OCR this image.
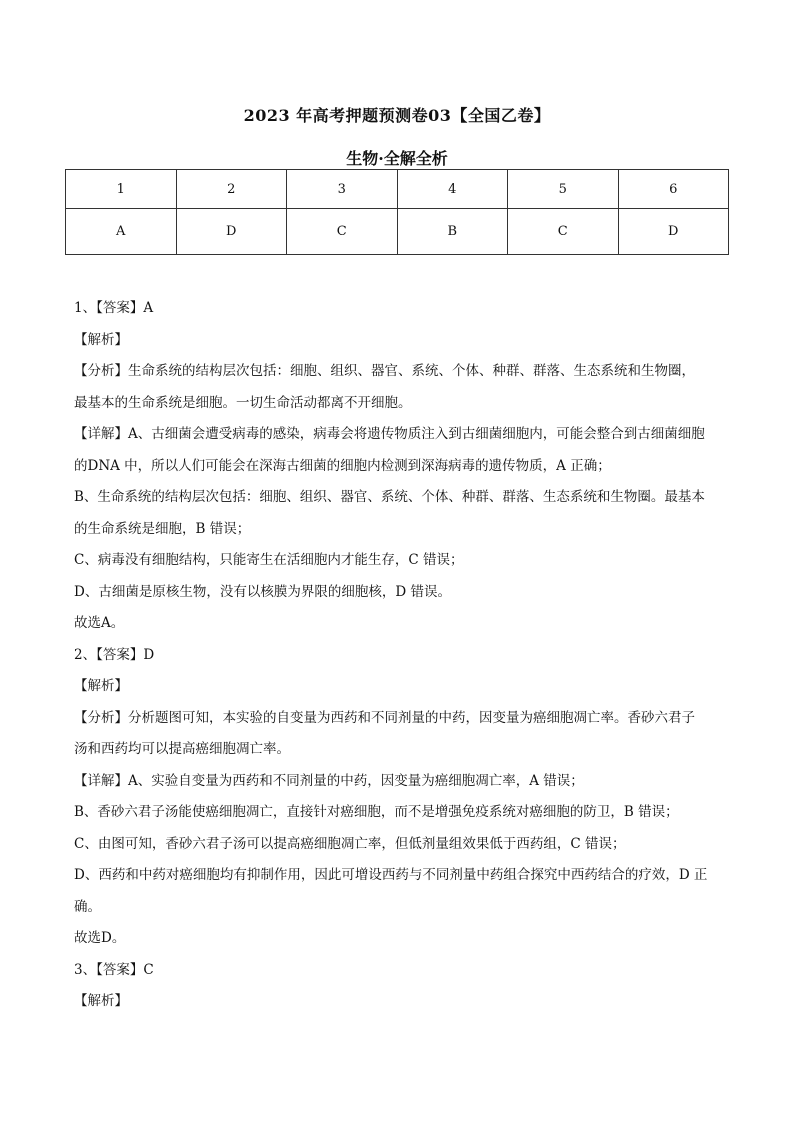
2023 年高考押题预测卷03【全国乙卷】
生物·全解全析
1	2	3	4	5	6
A	D	C	B	C	D

1、【答案】A

【解析】

【分析】生命系统的结构层次包括：细胞、组织、器官、系统、个体、种群、群落、生态系统和生物圈，

最基本的生命系统是细胞。一切生命活动都离不开细胞。

【详解】A、古细菌会遭受病毒的感染，病毒会将遗传物质注入到古细菌细胞内，可能会整合到古细菌细胞

的DNA 中，所以人们可能会在深海古细菌的细胞内检测到深海病毒的遗传物质，A 正确；

B、生命系统的结构层次包括：细胞、组织、器官、系统、个体、种群、群落、生态系统和生物圈。最基本

的生命系统是细胞，B 错误；

C、病毒没有细胞结构，只能寄生在活细胞内才能生存，C 错误；

D、古细菌是原核生物，没有以核膜为界限的细胞核，D 错误。

故选A。

2、【答案】D

【解析】

【分析】分析题图可知，本实验的自变量为西药和不同剂量的中药，因变量为癌细胞凋亡率。香砂六君子

汤和西药均可以提高癌细胞凋亡率。

【详解】A、实验自变量为西药和不同剂量的中药，因变量为癌细胞凋亡率，A 错误；

B、香砂六君子汤能使癌细胞凋亡，直接针对癌细胞，而不是增强免疫系统对癌细胞的防卫，B 错误；

C、由图可知，香砂六君子汤可以提高癌细胞凋亡率，但低剂量组效果低于西药组，C 错误；

D、西药和中药对癌细胞均有抑制作用，因此可增设西药与不同剂量中药组合探究中西药结合的疗效，D 正

确。

故选D。

3、【答案】C

【解析】
